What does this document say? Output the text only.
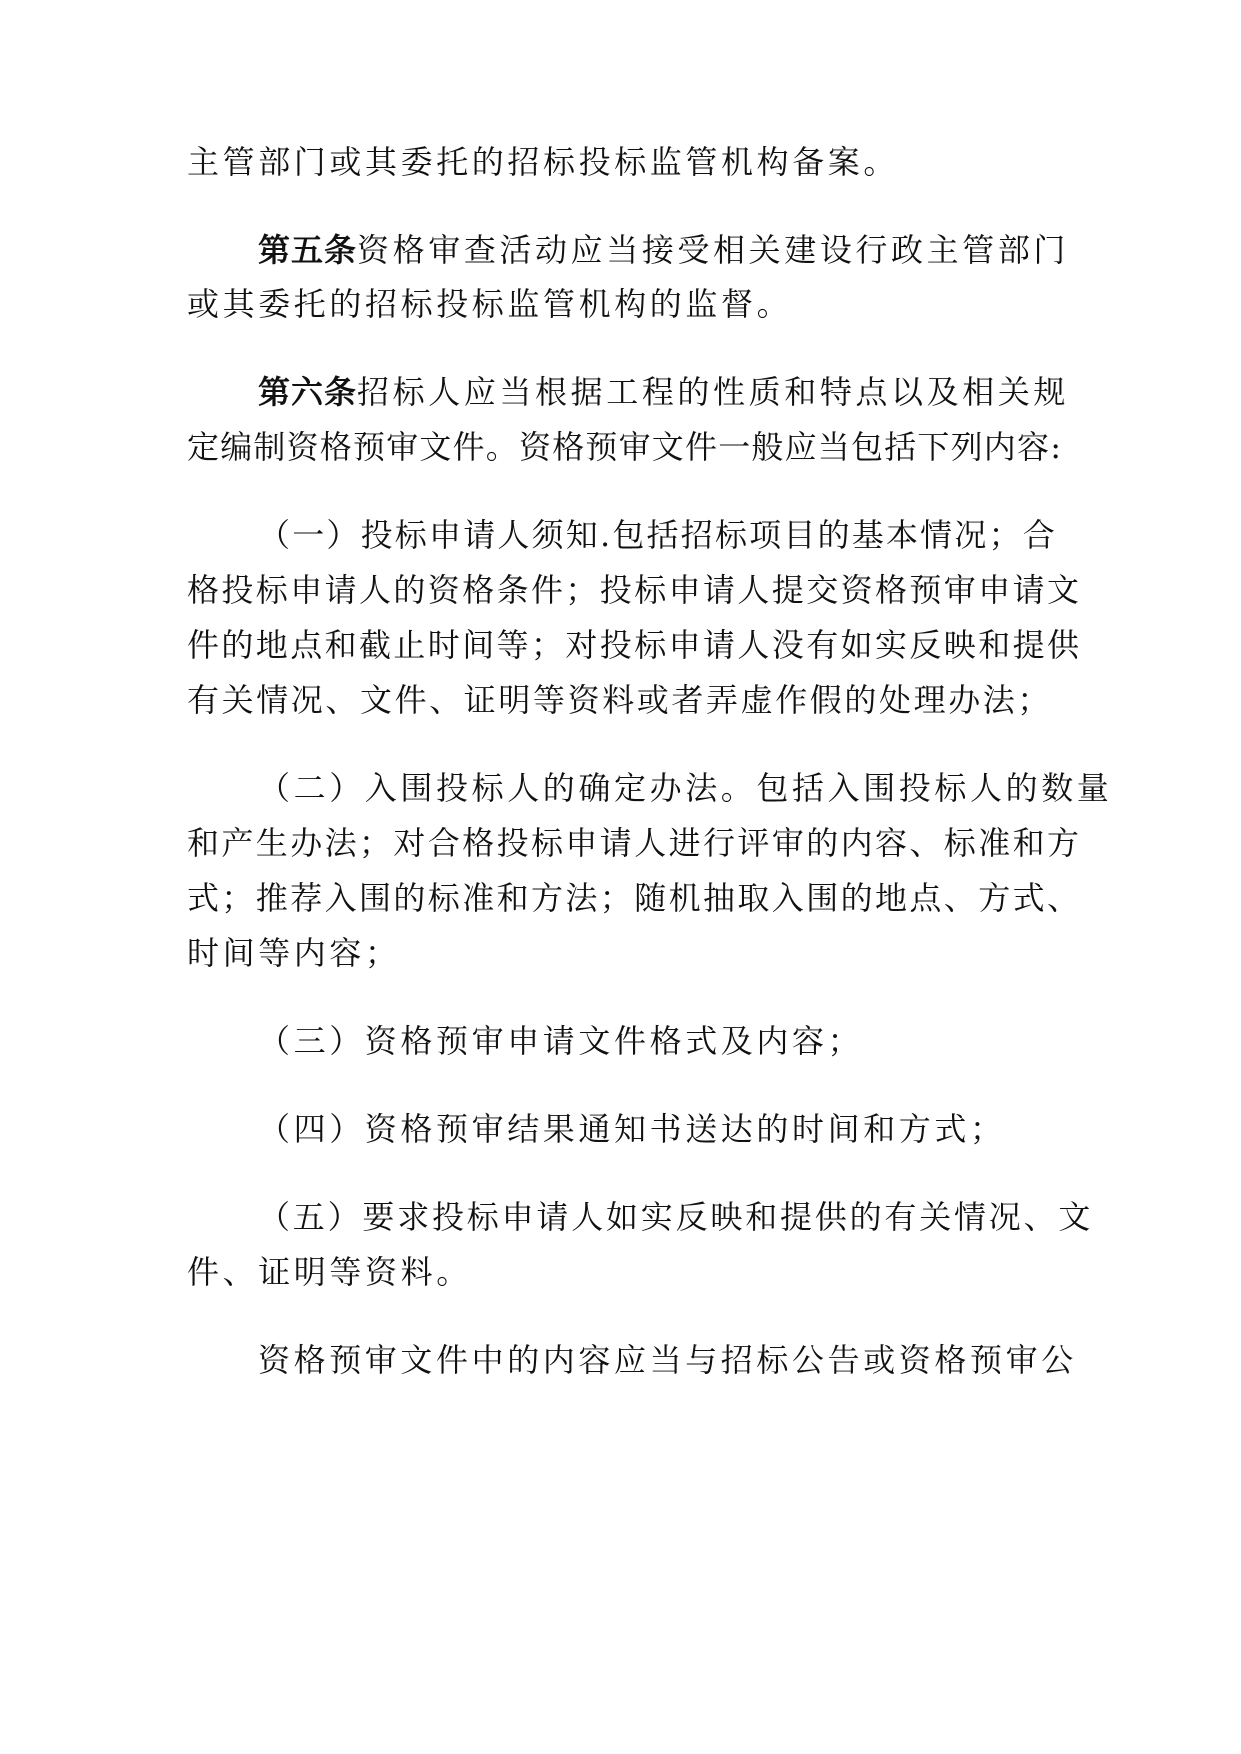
主管部门或其委托的招标投标监管机构备案。
第五条资格审查活动应当接受相关建设行政主管部门
或其委托的招标投标监管机构的监督。
第六条招标人应当根据工程的性质和特点以及相关规
定编制资格预审文件。资格预审文件一般应当包括下列内容:
（一）投标申请人须知.包括招标项目的基本情况；合
格投标申请人的资格条件；投标申请人提交资格预审申请文
件的地点和截止时间等；对投标申请人没有如实反映和提供
有关情况、文件、证明等资料或者弄虚作假的处理办法；
（二）入围投标人的确定办法。包括入围投标人的数量
和产生办法；对合格投标申请人进行评审的内容、标准和方
式；推荐入围的标准和方法；随机抽取入围的地点、方式、
时间等内容；
（三）资格预审申请文件格式及内容；
（四）资格预审结果通知书送达的时间和方式；
（五）要求投标申请人如实反映和提供的有关情况、文
件、证明等资料。
资格预审文件中的内容应当与招标公告或资格预审公
